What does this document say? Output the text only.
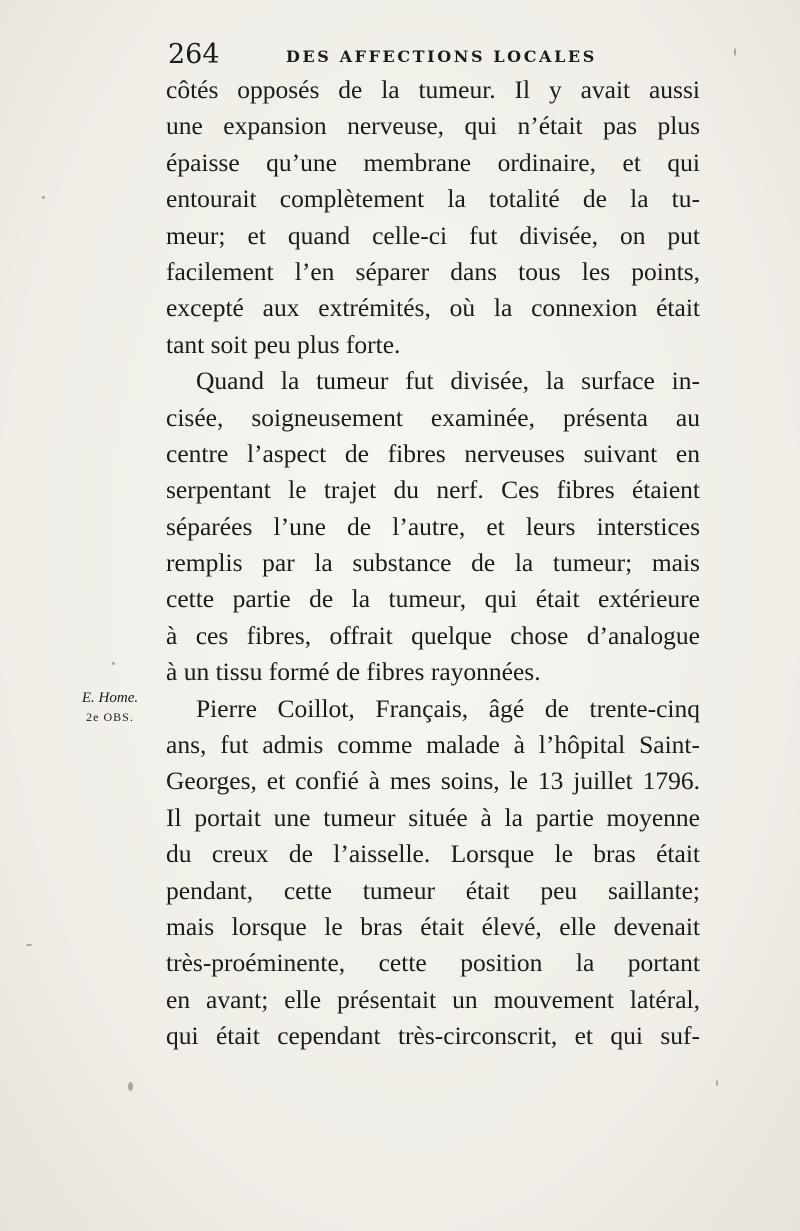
264	DES AFFECTIONS LOCALES
E. Home.
2e OBS.
côtés opposés de la tumeur. Il y avait aussi
une expansion nerveuse, qui n’était pas plus
épaisse qu’une membrane ordinaire, et qui
entourait complètement la totalité de la tu-
meur; et quand celle-ci fut divisée, on put
facilement l’en séparer dans tous les points,
excepté aux extrémités, où la connexion était
tant soit peu plus forte.
Quand la tumeur fut divisée, la surface in-
cisée, soigneusement examinée, présenta au
centre l’aspect de fibres nerveuses suivant en
serpentant le trajet du nerf. Ces fibres étaient
séparées l’une de l’autre, et leurs interstices
remplis par la substance de la tumeur; mais
cette partie de la tumeur, qui était extérieure
à ces fibres, offrait quelque chose d’analogue
à un tissu formé de fibres rayonnées.
Pierre Coillot, Français, âgé de trente-cinq
ans, fut admis comme malade à l’hôpital Saint-
Georges, et confié à mes soins, le 13 juillet 1796.
Il portait une tumeur située à la partie moyenne
du creux de l’aisselle. Lorsque le bras était
pendant, cette tumeur était peu saillante;
mais lorsque le bras était élevé, elle devenait
très-proéminente, cette position la portant
en avant; elle présentait un mouvement latéral,
qui était cependant très-circonscrit, et qui suf-
